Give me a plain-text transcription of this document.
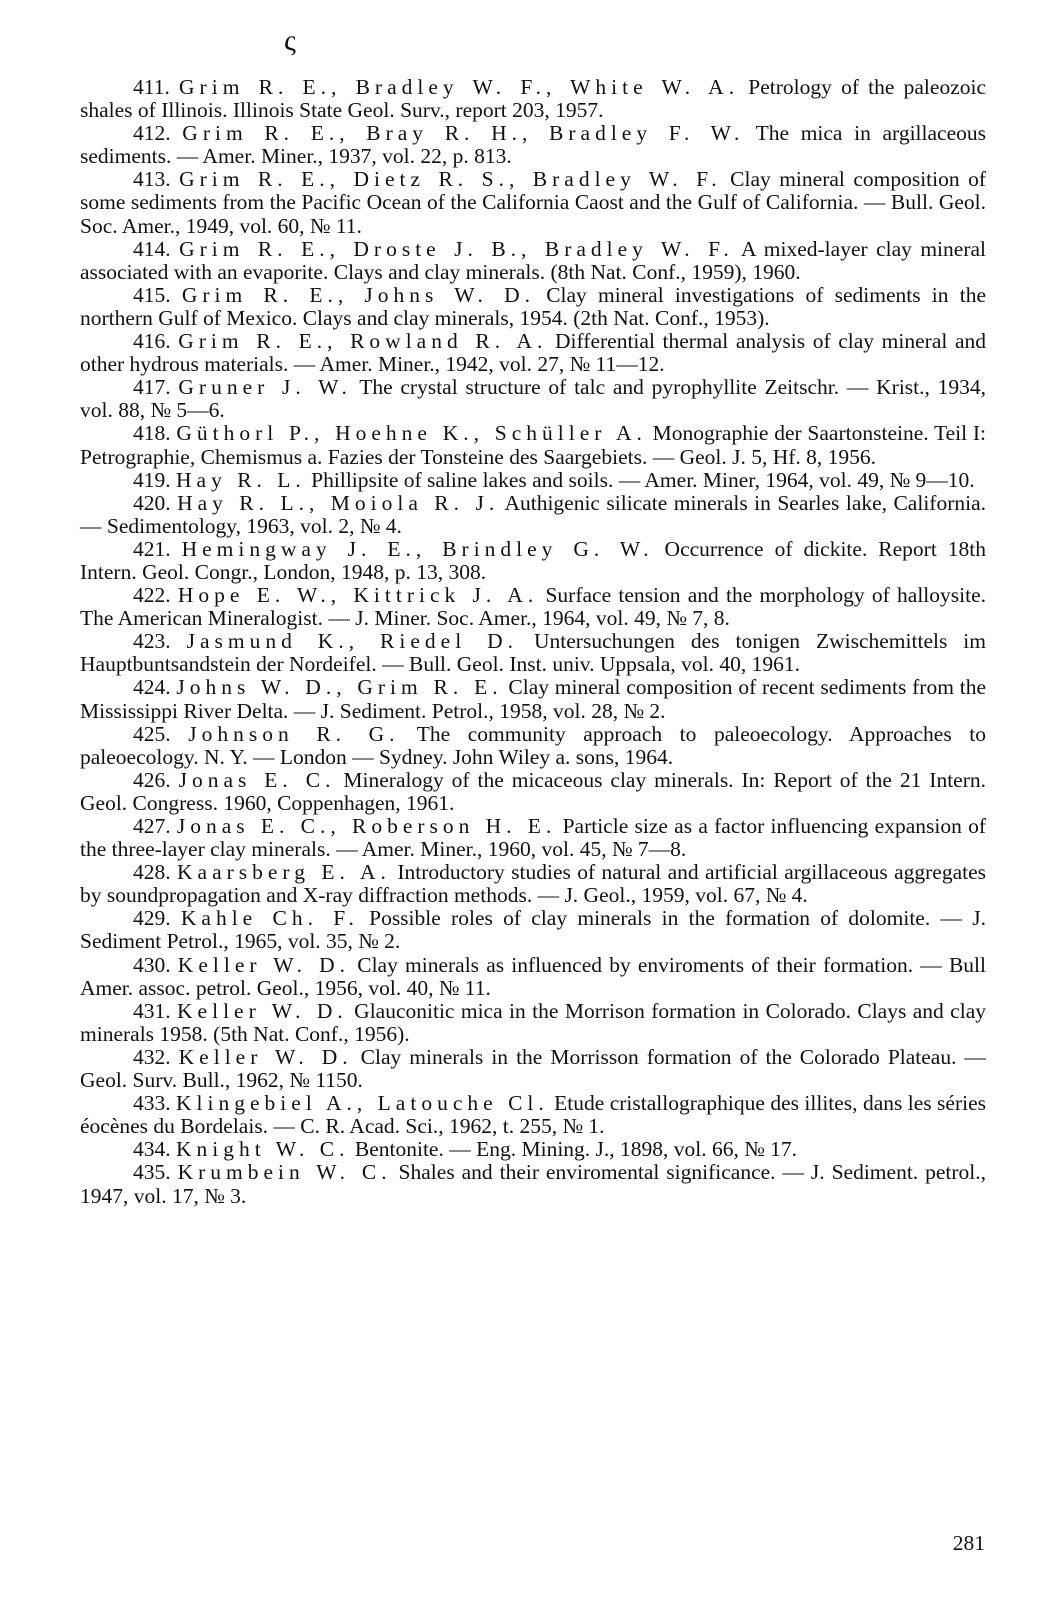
ς
411. Grim R. E., Bradley W. F., White W. A. Petrology of the paleozoic shales of Illinois. Illinois State Geol. Surv., report 203, 1957.
412. Grim R. E., Bray R. H., Bradley F. W. The mica in argillaceous sediments. — Amer. Miner., 1937, vol. 22, p. 813.
413. Grim R. E., Dietz R. S., Bradley W. F. Clay mineral composition of some sediments from the Pacific Ocean of the California Caost and the Gulf of California. — Bull. Geol. Soc. Amer., 1949, vol. 60, № 11.
414. Grim R. E., Droste J. B., Bradley W. F. A mixed-layer clay mineral associated with an evaporite. Clays and clay minerals. (8th Nat. Conf., 1959), 1960.
415. Grim R. E., Johns W. D. Clay mineral investigations of sediments in the northern Gulf of Mexico. Clays and clay minerals, 1954. (2th Nat. Conf., 1953).
416. Grim R. E., Rowland R. A. Differential thermal analysis of clay mineral and other hydrous materials. — Amer. Miner., 1942, vol. 27, № 11—12.
417. Gruner J. W. The crystal structure of talc and pyrophyllite Zeitschr. — Krist., 1934, vol. 88, № 5—6.
418. Güthorl P., Hoehne K., Schüller A. Monographie der Saartonsteine. Teil I: Petrographie, Chemismus a. Fazies der Tonsteine des Saargebiets. — Geol. J. 5, Hf. 8, 1956.
419. Hay R. L. Phillipsite of saline lakes and soils. — Amer. Miner, 1964, vol. 49, № 9—10.
420. Hay R. L., Moiola R. J. Authigenic silicate minerals in Searles lake, California. — Sedimentology, 1963, vol. 2, № 4.
421. Hemingway J. E., Brindley G. W. Occurrence of dickite. Report 18th Intern. Geol. Congr., London, 1948, p. 13, 308.
422. Hope E. W., Kittrick J. A. Surface tension and the morphology of halloysite. The American Mineralogist. — J. Miner. Soc. Amer., 1964, vol. 49, № 7, 8.
423. Jasmund K., Riedel D. Untersuchungen des tonigen Zwischemittels im Hauptbuntsandstein der Nordeifel. — Bull. Geol. Inst. univ. Uppsala, vol. 40, 1961.
424. Johns W. D., Grim R. E. Clay mineral composition of recent sediments from the Mississippi River Delta. — J. Sediment. Petrol., 1958, vol. 28, № 2.
425. Johnson R. G. The community approach to paleoecology. Approaches to paleoecology. N. Y. — London — Sydney. John Wiley a. sons, 1964.
426. Jonas E. C. Mineralogy of the micaceous clay minerals. In: Report of the 21 Intern. Geol. Congress. 1960, Coppenhagen, 1961.
427. Jonas E. C., Roberson H. E. Particle size as a factor influencing expansion of the three-layer clay minerals. — Amer. Miner., 1960, vol. 45, № 7—8.
428. Kaarsberg E. A. Introductory studies of natural and artificial argillaceous aggregates by soundpropagation and X-ray diffraction methods. — J. Geol., 1959, vol. 67, № 4.
429. Kahle Ch. F. Possible roles of clay minerals in the formation of dolomite. — J. Sediment Petrol., 1965, vol. 35, № 2.
430. Keller W. D. Clay minerals as influenced by enviroments of their formation. — Bull Amer. assoc. petrol. Geol., 1956, vol. 40, № 11.
431. Keller W. D. Glauconitic mica in the Morrison formation in Colorado. Clays and clay minerals 1958. (5th Nat. Conf., 1956).
432. Keller W. D. Clay minerals in the Morrisson formation of the Colorado Plateau. — Geol. Surv. Bull., 1962, № 1150.
433. Klingebiel A., Latouche Cl. Etude cristallographique des illites, dans les séries éocènes du Bordelais. — C. R. Acad. Sci., 1962, t. 255, № 1.
434. Knight W. C. Bentonite. — Eng. Mining. J., 1898, vol. 66, № 17.
435. Krumbein W. C. Shales and their enviromental significance. — J. Sediment. petrol., 1947, vol. 17, № 3.
281
